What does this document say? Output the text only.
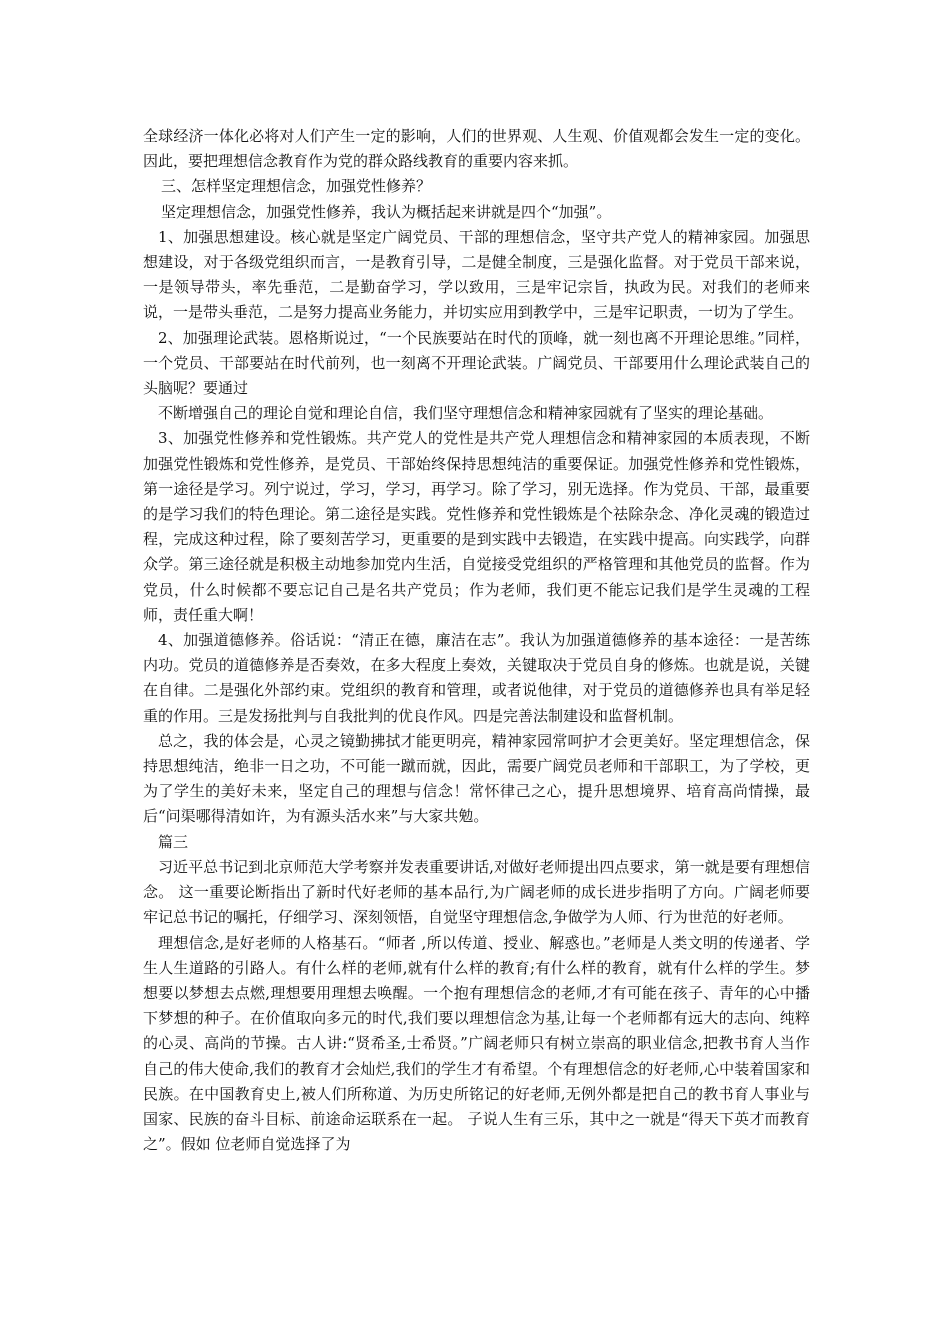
全球经济一体化必将对人们产生一定的影响，人们的世界观、人生观、价值观都会发生一定的变化。因此，要把理想信念教育作为党的群众路线教育的重要内容来抓。

三、怎样坚定理想信念，加强党性修养？

坚定理想信念，加强党性修养，我认为概括起来讲就是四个“加强”。

1、加强思想建设。核心就是坚定广阔党员、干部的理想信念，坚守共产党人的精神家园。加强思想建设，对于各级党组织而言，一是教育引导，二是健全制度，三是强化监督。对于党员干部来说，一是领导带头，率先垂范，二是勤奋学习，学以致用，三是牢记宗旨，执政为民。对我们的老师来说，一是带头垂范，二是努力提高业务能力，并切实应用到教学中，三是牢记职责，一切为了学生。

2、加强理论武装。恩格斯说过，“一个民族要站在时代的顶峰，就一刻也离不开理论思维。”同样，一个党员、干部要站在时代前列，也一刻离不开理论武装。广阔党员、干部要用什么理论武装自己的头脑呢？要通过

不断增强自己的理论自觉和理论自信，我们坚守理想信念和精神家园就有了坚实的理论基础。

3、加强党性修养和党性锻炼。共产党人的党性是共产党人理想信念和精神家园的本质表现，不断加强党性锻炼和党性修养，是党员、干部始终保持思想纯洁的重要保证。加强党性修养和党性锻炼，第一途径是学习。列宁说过，学习，学习，再学习。除了学习，别无选择。作为党员、干部，最重要的是学习我们的特色理论。第二途径是实践。党性修养和党性锻炼是个祛除杂念、净化灵魂的锻造过程，完成这种过程，除了要刻苦学习，更重要的是到实践中去锻造，在实践中提高。向实践学，向群众学。第三途径就是积极主动地参加党内生活，自觉接受党组织的严格管理和其他党员的监督。作为党员，什么时候都不要忘记自己是名共产党员；作为老师，我们更不能忘记我们是学生灵魂的工程师，责任重大啊！

4、加强道德修养。俗话说：“清正在德，廉洁在志”。我认为加强道德修养的基本途径：一是苦练内功。党员的道德修养是否奏效，在多大程度上奏效，关键取决于党员自身的修炼。也就是说，关键在自律。二是强化外部约束。党组织的教育和管理，或者说他律，对于党员的道德修养也具有举足轻重的作用。三是发扬批判与自我批判的优良作风。四是完善法制建设和监督机制。

总之，我的体会是，心灵之镜勤拂拭才能更明亮，精神家园常呵护才会更美好。坚定理想信念，保持思想纯洁，绝非一日之功，不可能一蹴而就，因此，需要广阔党员老师和干部职工，为了学校，更为了学生的美好未来，坚定自己的理想与信念！常怀律己之心，提升思想境界、培育高尚情操，最后“问渠哪得清如许，为有源头活水来”与大家共勉。

篇三

习近平总书记到北京师范大学考察并发表重要讲话,对做好老师提出四点要求，第一就是要有理想信念。 这一重要论断指出了新时代好老师的基本品行,为广阔老师的成长进步指明了方向。广阔老师要牢记总书记的嘱托，仔细学习、深刻领悟，自觉坚守理想信念,争做学为人师、行为世范的好老师。

理想信念,是好老师的人格基石。“师者 ,所以传道、授业、解惑也。”老师是人类文明的传递者、学生人生道路的引路人。有什么样的老师,就有什么样的教育;有什么样的教育，就有什么样的学生。梦想要以梦想去点燃,理想要用理想去唤醒。一个抱有理想信念的老师,才有可能在孩子、青年的心中播下梦想的种子。在价值取向多元的时代,我们要以理想信念为基,让每一个老师都有远大的志向、纯粹的心灵、高尚的节操。古人讲:“贤希圣,士希贤。”广阔老师只有树立崇高的职业信念,把教书育人当作自己的伟大使命,我们的教育才会灿烂,我们的学生才有希望。个有理想信念的好老师,心中装着国家和民族。在中国教育史上,被人们所称道、为历史所铭记的好老师,无例外都是把自己的教书育人事业与国家、民族的奋斗目标、前途命运联系在一起。 子说人生有三乐，其中之一就是“得天下英才而教育之”。假如 位老师自觉选择了为
